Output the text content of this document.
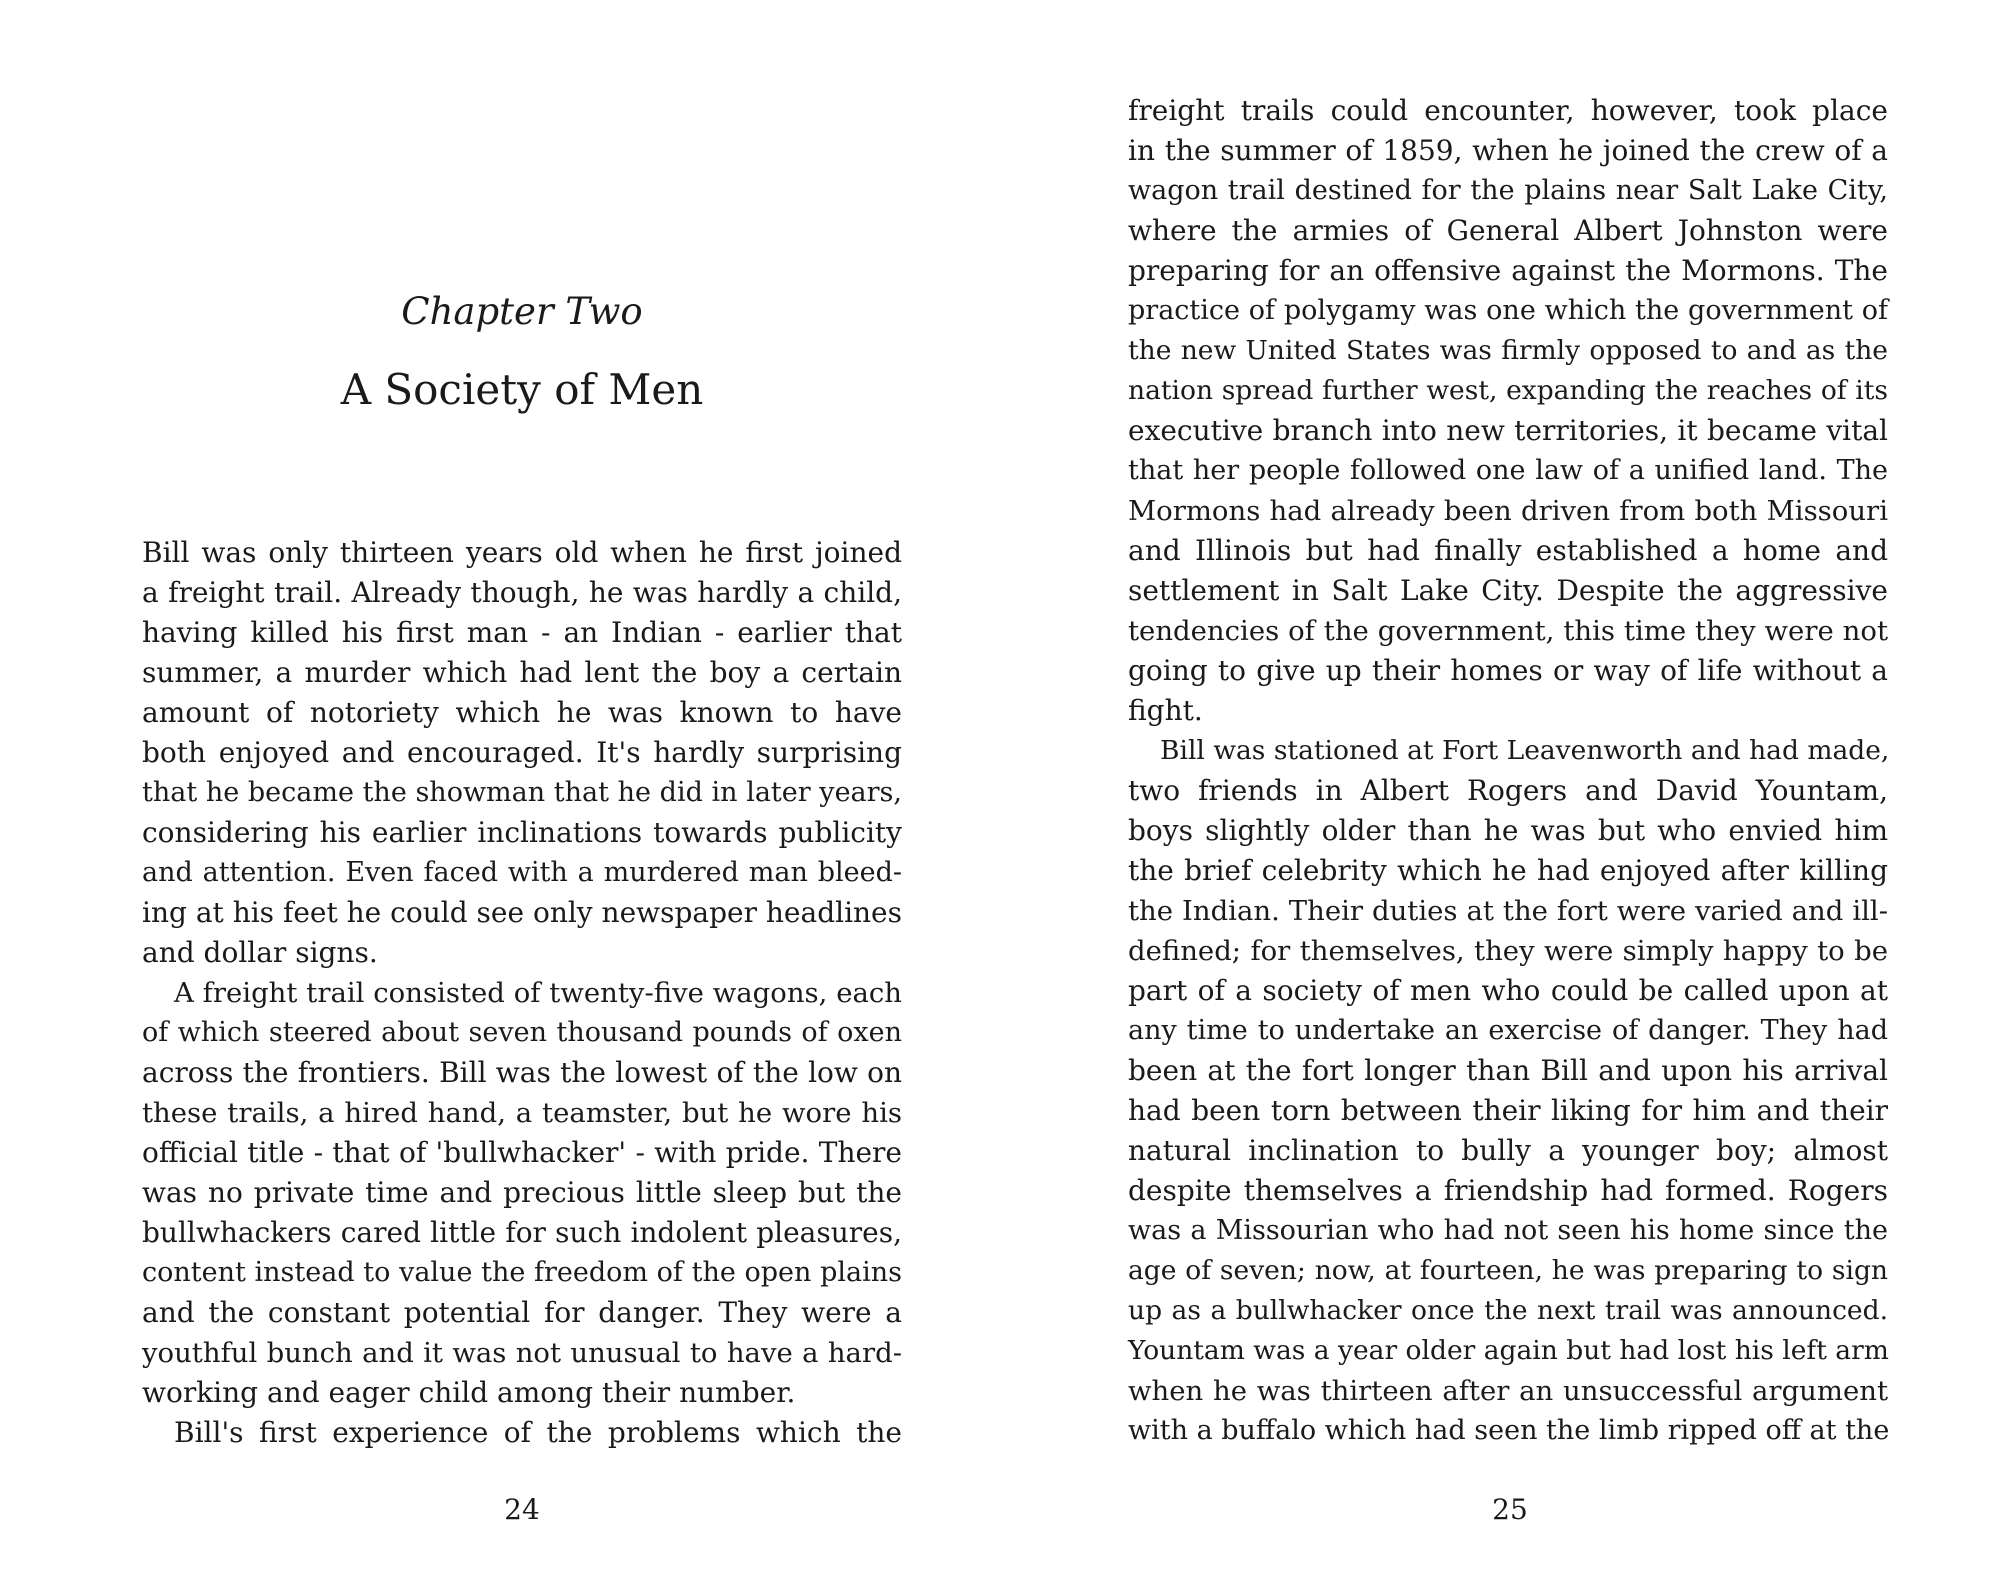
Chapter Two
A Society of Men
Bill was only thirteen years old when he first joined
a freight trail. Already though, he was hardly a child,
having killed his first man - an Indian - earlier that
summer, a murder which had lent the boy a certain
amount of notoriety which he was known to have
both enjoyed and encouraged. It's hardly surprising
that he became the showman that he did in later years,
considering his earlier inclinations towards publicity
and attention. Even faced with a murdered man bleed-
ing at his feet he could see only newspaper headlines
and dollar signs.
A freight trail consisted of twenty-five wagons, each
of which steered about seven thousand pounds of oxen
across the frontiers. Bill was the lowest of the low on
these trails, a hired hand, a teamster, but he wore his
official title - that of 'bullwhacker' - with pride. There
was no private time and precious little sleep but the
bullwhackers cared little for such indolent pleasures,
content instead to value the freedom of the open plains
and the constant potential for danger. They were a
youthful bunch and it was not unusual to have a hard-
working and eager child among their number.
Bill's first experience of the problems which the
24
freight trails could encounter, however, took place
in the summer of 1859, when he joined the crew of a
wagon trail destined for the plains near Salt Lake City,
where the armies of General Albert Johnston were
preparing for an offensive against the Mormons. The
practice of polygamy was one which the government of
the new United States was firmly opposed to and as the
nation spread further west, expanding the reaches of its
executive branch into new territories, it became vital
that her people followed one law of a unified land. The
Mormons had already been driven from both Missouri
and Illinois but had finally established a home and
settlement in Salt Lake City. Despite the aggressive
tendencies of the government, this time they were not
going to give up their homes or way of life without a
fight.
Bill was stationed at Fort Leavenworth and had made,
two friends in Albert Rogers and David Yountam,
boys slightly older than he was but who envied him
the brief celebrity which he had enjoyed after killing
the Indian. Their duties at the fort were varied and ill-
defined; for themselves, they were simply happy to be
part of a society of men who could be called upon at
any time to undertake an exercise of danger. They had
been at the fort longer than Bill and upon his arrival
had been torn between their liking for him and their
natural inclination to bully a younger boy; almost
despite themselves a friendship had formed. Rogers
was a Missourian who had not seen his home since the
age of seven; now, at fourteen, he was preparing to sign
up as a bullwhacker once the next trail was announced.
Yountam was a year older again but had lost his left arm
when he was thirteen after an unsuccessful argument
with a buffalo which had seen the limb ripped off at the
25
